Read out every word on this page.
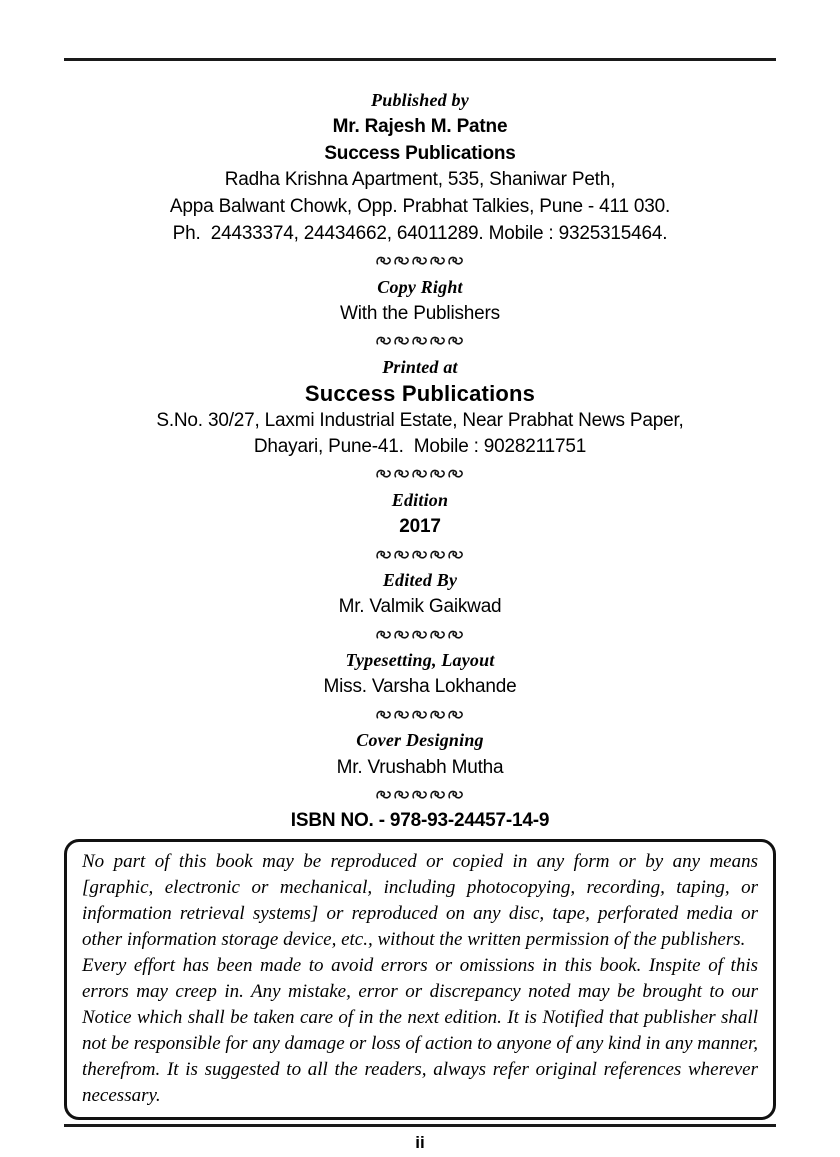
Published by
Mr. Rajesh M. Patne
Success Publications
Radha Krishna Apartment, 535, Shaniwar Peth,
Appa Balwant Chowk, Opp. Prabhat Talkies, Pune - 411 030.
Ph.  24433374, 24434662, 64011289. Mobile : 9325315464.
Copy Right
With the Publishers
Printed at
Success Publications
S.No. 30/27, Laxmi Industrial Estate, Near Prabhat News Paper,
Dhayari, Pune-41.  Mobile : 9028211751
Edition
2017
Edited By
Mr. Valmik Gaikwad
Typesetting, Layout
Miss. Varsha Lokhande
Cover Designing
Mr. Vrushabh Mutha
ISBN NO. - 978-93-24457-14-9

No part of this book may be reproduced or copied in any form or by any means [graphic, electronic or mechanical, including photocopying, recording, taping, or information retrieval systems] or reproduced on any disc, tape, perforated media or other information storage device, etc., without the written permission of the publishers.

Every effort has been made to avoid errors or omissions in this book. Inspite of this errors may creep in. Any mistake, error or discrepancy noted may be brought to our Notice which shall be taken care of in the next edition. It is Notified that publisher shall not be responsible for any damage or loss of action to anyone of any kind in any manner, therefrom. It is suggested to all the readers, always refer original references wherever necessary.

ii
